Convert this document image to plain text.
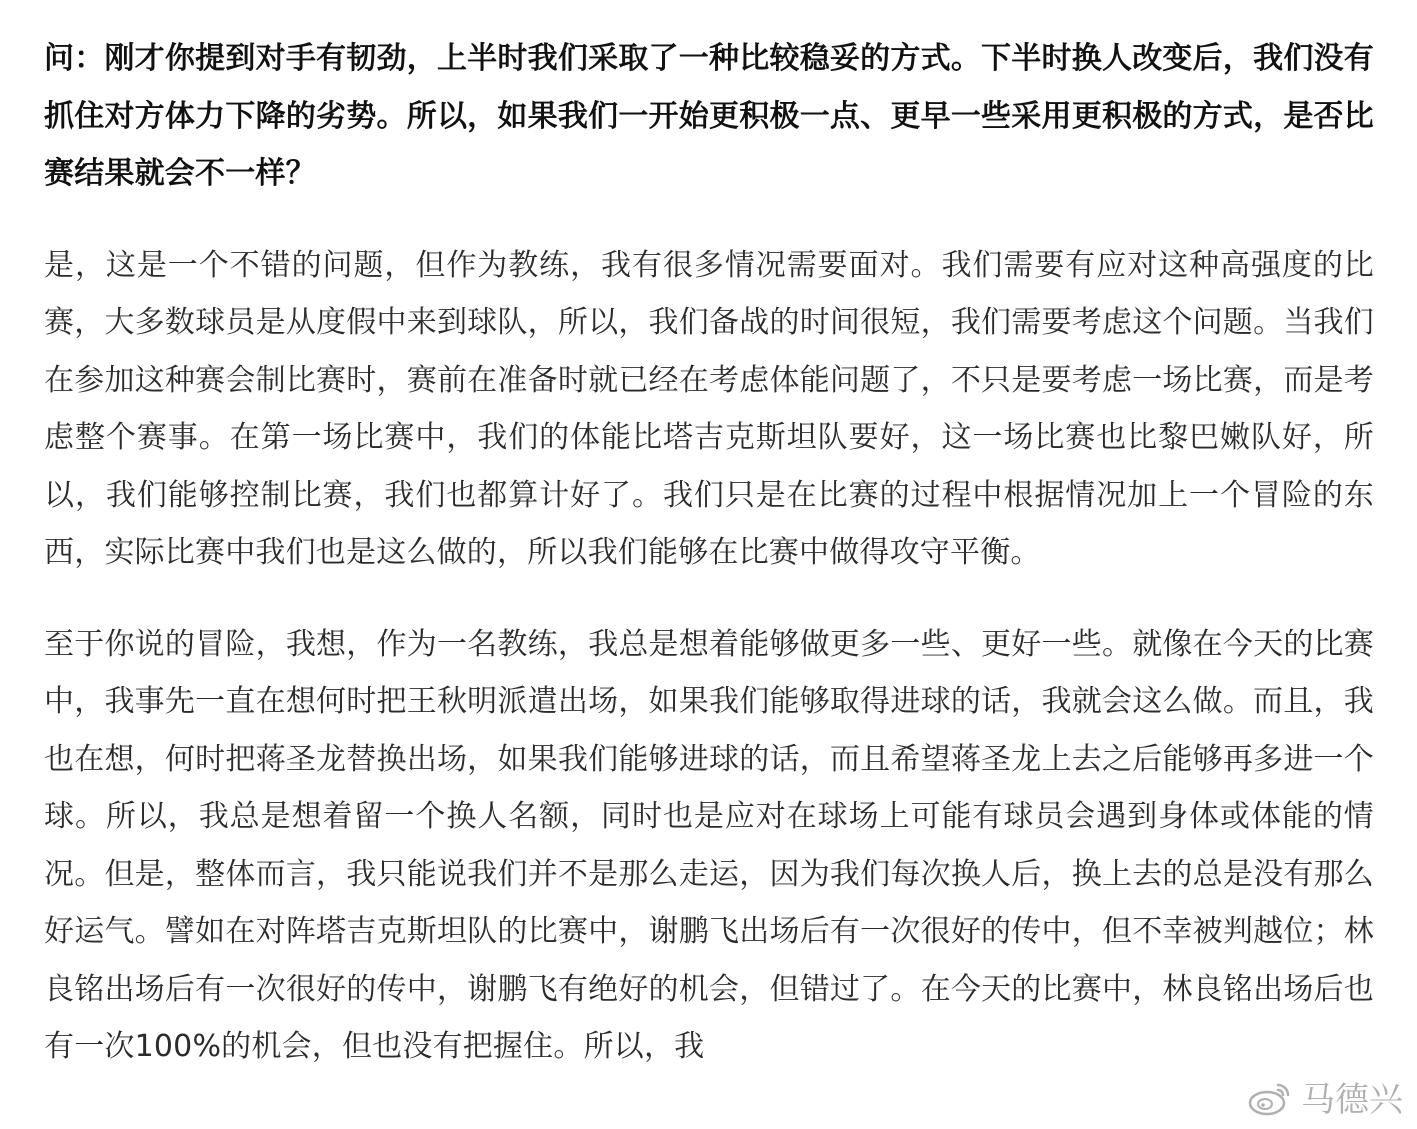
问：刚才你提到对手有韧劲，上半时我们采取了一种比较稳妥的方式。下半时换人改变后，我们没有抓住对方体力下降的劣势。所以，如果我们一开始更积极一点、更早一些采用更积极的方式，是否比赛结果就会不一样？

是，这是一个不错的问题，但作为教练，我有很多情况需要面对。我们需要有应对这种高强度的比赛，大多数球员是从度假中来到球队，所以，我们备战的时间很短，我们需要考虑这个问题。当我们在参加这种赛会制比赛时，赛前在准备时就已经在考虑体能问题了，不只是要考虑一场比赛，而是考虑整个赛事。在第一场比赛中，我们的体能比塔吉克斯坦队要好，这一场比赛也比黎巴嫩队好，所以，我们能够控制比赛，我们也都算计好了。我们只是在比赛的过程中根据情况加上一个冒险的东西，实际比赛中我们也是这么做的，所以我们能够在比赛中做得攻守平衡。

至于你说的冒险，我想，作为一名教练，我总是想着能够做更多一些、更好一些。就像在今天的比赛中，我事先一直在想何时把王秋明派遣出场，如果我们能够取得进球的话，我就会这么做。而且，我也在想，何时把蒋圣龙替换出场，如果我们能够进球的话，而且希望蒋圣龙上去之后能够再多进一个球。所以，我总是想着留一个换人名额，同时也是应对在球场上可能有球员会遇到身体或体能的情况。但是，整体而言，我只能说我们并不是那么走运，因为我们每次换人后，换上去的总是没有那么好运气。譬如在对阵塔吉克斯坦队的比赛中，谢鹏飞出场后有一次很好的传中，但不幸被判越位；林良铭出场后有一次很好的传中，谢鹏飞有绝好的机会，但错过了。在今天的比赛中，林良铭出场后也有一次100%的机会，但也没有把握住。所以，我

马德兴
